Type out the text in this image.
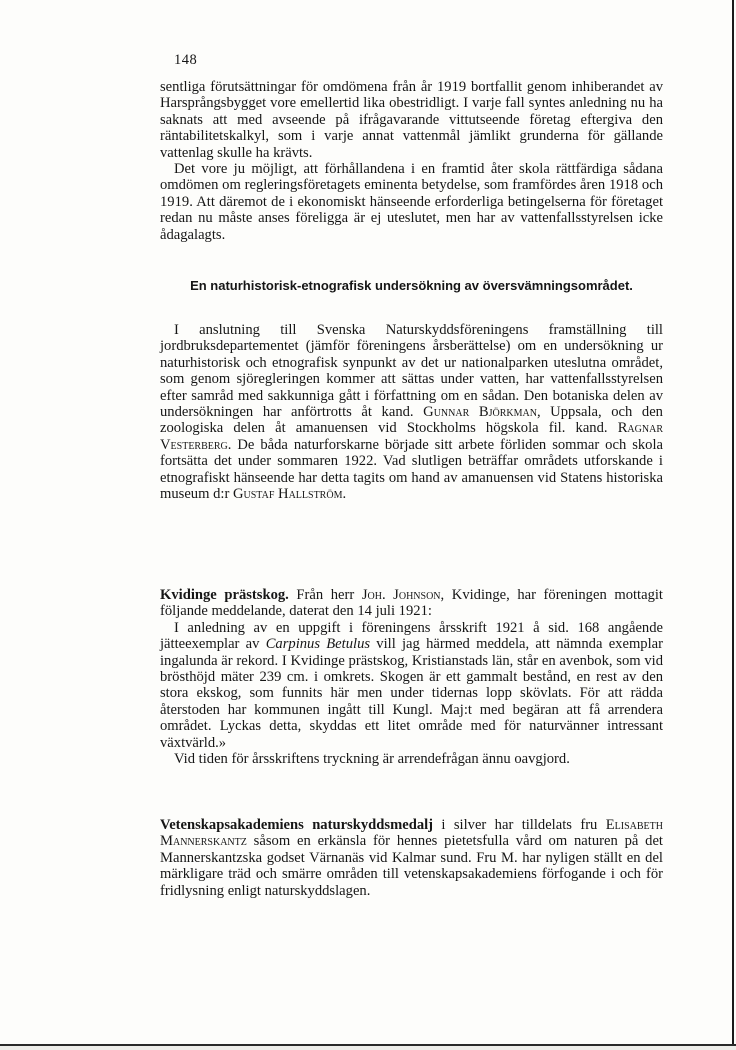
148

sentliga förutsättningar för omdömena från år 1919 bortfallit genom inhiberandet av Harsprångsbygget vore emellertid lika obestridligt. I varje fall syntes anledning nu ha saknats att med avseende på ifrågavarande vittutseende företag eftergiva den räntabilitetskalkyl, som i varje annat vattenmål jämlikt grunderna för gällande vattenlag skulle ha krävts.

Det vore ju möjligt, att förhållandena i en framtid åter skola rättfärdiga sådana omdömen om regleringsföretagets eminenta betydelse, som framfördes åren 1918 och 1919. Att däremot de i ekonomiskt hänseende erforderliga betingelserna för företaget redan nu måste anses föreligga är ej uteslutet, men har av vattenfallsstyrelsen icke ådagalagts.

En naturhistorisk-etnografisk undersökning av översvämningsområdet.

I anslutning till Svenska Naturskyddsföreningens framställning till jordbruksdepartementet (jämför föreningens årsberättelse) om en undersökning ur naturhistorisk och etnografisk synpunkt av det ur nationalparken uteslutna området, som genom sjöregleringen kommer att sättas under vatten, har vattenfallsstyrelsen efter samråd med sakkunniga gått i författning om en sådan. Den botaniska delen av undersökningen har anförtrotts åt kand. Gunnar Björkman, Uppsala, och den zoologiska delen åt amanuensen vid Stockholms högskola fil. kand. Ragnar Vesterberg. De båda naturforskarne började sitt arbete förliden sommar och skola fortsätta det under sommaren 1922. Vad slutligen beträffar områdets utforskande i etnografiskt hänseende har detta tagits om hand av amanuensen vid Statens historiska museum d:r Gustaf Hallström.

Kvidinge prästskog. Från herr Joh. Johnson, Kvidinge, har föreningen mottagit följande meddelande, daterat den 14 juli 1921:

I anledning av en uppgift i föreningens årsskrift 1921 å sid. 168 angående jätteexemplar av Carpinus Betulus vill jag härmed meddela, att nämnda exemplar ingalunda är rekord. I Kvidinge prästskog, Kristianstads län, står en avenbok, som vid brösthöjd mäter 239 cm. i omkrets. Skogen är ett gammalt bestånd, en rest av den stora ekskog, som funnits här men under tidernas lopp skövlats. För att rädda återstoden har kommunen ingått till Kungl. Maj:t med begäran att få arrendera området. Lyckas detta, skyddas ett litet område med för naturvänner intressant växtvärld.»

Vid tiden för årsskriftens tryckning är arrendefrågan ännu oavgjord.

Vetenskapsakademiens naturskyddsmedalj i silver har tilldelats fru Elisabeth Mannerskantz såsom en erkänsla för hennes pietetsfulla vård om naturen på det Mannerskantzska godset Värnanäs vid Kalmar sund. Fru M. har nyligen ställt en del märkligare träd och smärre områden till vetenskapsakademiens förfogande i och för fridlysning enligt naturskyddslagen.
